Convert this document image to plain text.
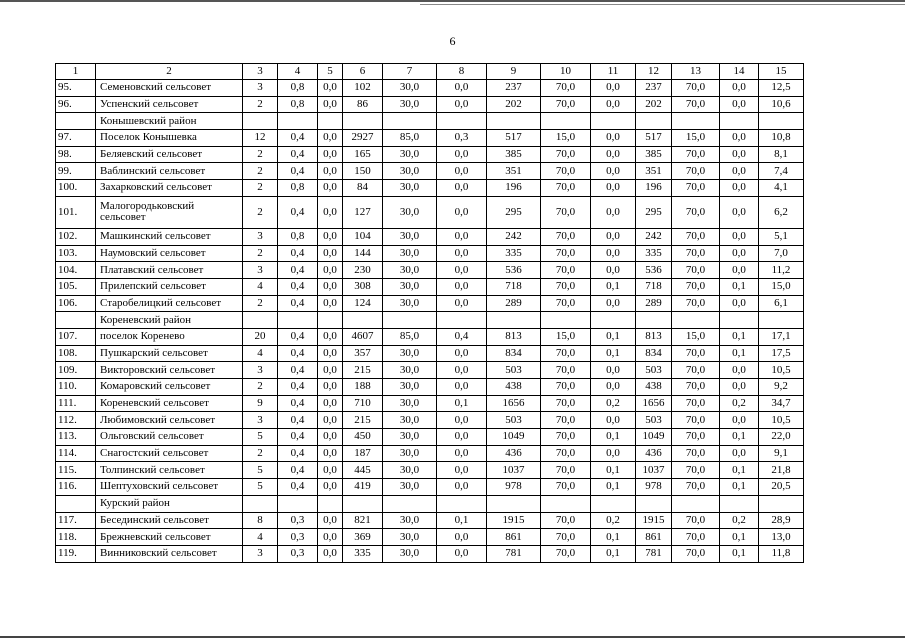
6
1	2	3	4	5	6	7	8	9	10	11	12	13	14	15
95.	Семеновский сельсовет	3	0,8	0,0	102	30,0	0,0	237	70,0	0,0	237	70,0	0,0	12,5
96.	Успенский сельсовет	2	0,8	0,0	86	30,0	0,0	202	70,0	0,0	202	70,0	0,0	10,6
	Конышевский район													
97.	Поселок Конышевка	12	0,4	0,0	2927	85,0	0,3	517	15,0	0,0	517	15,0	0,0	10,8
98.	Беляевский сельсовет	2	0,4	0,0	165	30,0	0,0	385	70,0	0,0	385	70,0	0,0	8,1
99.	Ваблинский сельсовет	2	0,4	0,0	150	30,0	0,0	351	70,0	0,0	351	70,0	0,0	7,4
100.	Захарковский сельсовет	2	0,8	0,0	84	30,0	0,0	196	70,0	0,0	196	70,0	0,0	4,1
101.	Малогородьковский сельсовет	2	0,4	0,0	127	30,0	0,0	295	70,0	0,0	295	70,0	0,0	6,2
102.	Машкинский сельсовет	3	0,8	0,0	104	30,0	0,0	242	70,0	0,0	242	70,0	0,0	5,1
103.	Наумовский сельсовет	2	0,4	0,0	144	30,0	0,0	335	70,0	0,0	335	70,0	0,0	7,0
104.	Платавский сельсовет	3	0,4	0,0	230	30,0	0,0	536	70,0	0,0	536	70,0	0,0	11,2
105.	Прилепский сельсовет	4	0,4	0,0	308	30,0	0,0	718	70,0	0,1	718	70,0	0,1	15,0
106.	Старобелицкий сельсовет	2	0,4	0,0	124	30,0	0,0	289	70,0	0,0	289	70,0	0,0	6,1
	Кореневский район													
107.	поселок Коренево	20	0,4	0,0	4607	85,0	0,4	813	15,0	0,1	813	15,0	0,1	17,1
108.	Пушкарский сельсовет	4	0,4	0,0	357	30,0	0,0	834	70,0	0,1	834	70,0	0,1	17,5
109.	Викторовский сельсовет	3	0,4	0,0	215	30,0	0,0	503	70,0	0,0	503	70,0	0,0	10,5
110.	Комаровский сельсовет	2	0,4	0,0	188	30,0	0,0	438	70,0	0,0	438	70,0	0,0	9,2
111.	Кореневский сельсовет	9	0,4	0,0	710	30,0	0,1	1656	70,0	0,2	1656	70,0	0,2	34,7
112.	Любимовский сельсовет	3	0,4	0,0	215	30,0	0,0	503	70,0	0,0	503	70,0	0,0	10,5
113.	Ольговский сельсовет	5	0,4	0,0	450	30,0	0,0	1049	70,0	0,1	1049	70,0	0,1	22,0
114.	Снагостский сельсовет	2	0,4	0,0	187	30,0	0,0	436	70,0	0,0	436	70,0	0,0	9,1
115.	Толпинский сельсовет	5	0,4	0,0	445	30,0	0,0	1037	70,0	0,1	1037	70,0	0,1	21,8
116.	Шептуховский сельсовет	5	0,4	0,0	419	30,0	0,0	978	70,0	0,1	978	70,0	0,1	20,5
	Курский район													
117.	Бесединский сельсовет	8	0,3	0,0	821	30,0	0,1	1915	70,0	0,2	1915	70,0	0,2	28,9
118.	Брежневский сельсовет	4	0,3	0,0	369	30,0	0,0	861	70,0	0,1	861	70,0	0,1	13,0
119.	Винниковский сельсовет	3	0,3	0,0	335	30,0	0,0	781	70,0	0,1	781	70,0	0,1	11,8
